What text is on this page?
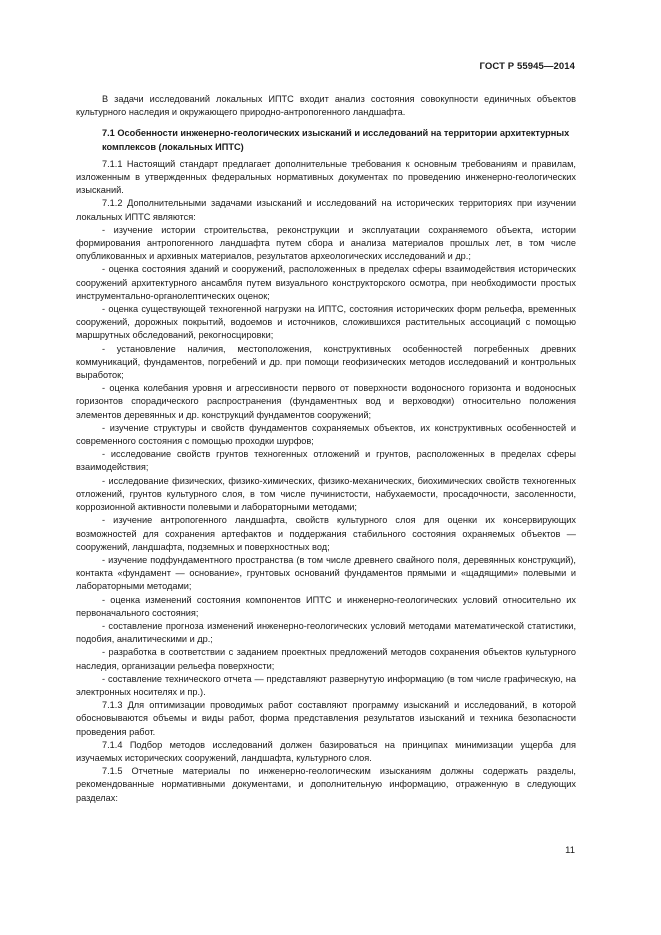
ГОСТ Р 55945—2014

В задачи исследований локальных ИПТС входит анализ состояния совокупности единичных объектов культурного наследия и окружающего природно-антропогенного ландшафта.

7.1 Особенности инженерно-геологических изысканий и исследований на территории архитектурных комплексов (локальных ИПТС)

7.1.1 Настоящий стандарт предлагает дополнительные требования к основным требованиям и правилам, изложенным в утвержденных федеральных нормативных документах по проведению инженерно-геологических изысканий.

7.1.2 Дополнительными задачами изысканий и исследований на исторических территориях при изучении локальных ИПТС являются:

- изучение истории строительства, реконструкции и эксплуатации сохраняемого объекта, истории формирования антропогенного ландшафта путем сбора и анализа материалов прошлых лет, в том числе опубликованных и архивных материалов, результатов археологических исследований и др.;

- оценка состояния зданий и сооружений, расположенных в пределах сферы взаимодействия исторических сооружений архитектурного ансамбля путем визуального конструкторского осмотра, при необходимости простых инструментально-органолептических оценок;

- оценка существующей техногенной нагрузки на ИПТС, состояния исторических форм рельефа, временных сооружений, дорожных покрытий, водоемов и источников, сложившихся растительных ассоциаций с помощью маршрутных обследований, рекогносцировки;

- установление наличия, местоположения, конструктивных особенностей погребенных древних коммуникаций, фундаментов, погребений и др. при помощи геофизических методов исследований и контрольных выработок;

- оценка колебания уровня и агрессивности первого от поверхности водоносного горизонта и водоносных горизонтов спорадического распространения (фундаментных вод и верховодки) относительно положения элементов деревянных и др. конструкций фундаментов сооружений;

- изучение структуры и свойств фундаментов сохраняемых объектов, их конструктивных особенностей и современного состояния с помощью проходки шурфов;

- исследование свойств грунтов техногенных отложений и грунтов, расположенных в пределах сферы взаимодействия;

- исследование физических, физико-химических, физико-механических, биохимических свойств техногенных отложений, грунтов культурного слоя, в том числе пучинистости, набухаемости, просадочности, засоленности, коррозионной активности полевыми и лабораторными методами;

- изучение антропогенного ландшафта, свойств культурного слоя для оценки их консервирующих возможностей для сохранения артефактов и поддержания стабильного состояния охраняемых объектов — сооружений, ландшафта, подземных и поверхностных вод;

- изучение подфундаментного пространства (в том числе древнего свайного поля, деревянных конструкций), контакта «фундамент — основание», грунтовых оснований фундаментов прямыми и «щадящими» полевыми и лабораторными методами;

- оценка изменений состояния компонентов ИПТС и инженерно-геологических условий относительно их первоначального состояния;

- составление прогноза изменений инженерно-геологических условий методами математической статистики, подобия, аналитическими и др.;

- разработка в соответствии с заданием проектных предложений методов сохранения объектов культурного наследия, организации рельефа поверхности;

- составление технического отчета — представляют развернутую информацию (в том числе графическую, на электронных носителях и пр.).

7.1.3 Для оптимизации проводимых работ составляют программу изысканий и исследований, в которой обосновываются объемы и виды работ, форма представления результатов изысканий и техника безопасности проведения работ.

7.1.4 Подбор методов исследований должен базироваться на принципах минимизации ущерба для изучаемых исторических сооружений, ландшафта, культурного слоя.

7.1.5 Отчетные материалы по инженерно-геологическим изысканиям должны содержать разделы, рекомендованные нормативными документами, и дополнительную информацию, отраженную в следующих разделах:

11
